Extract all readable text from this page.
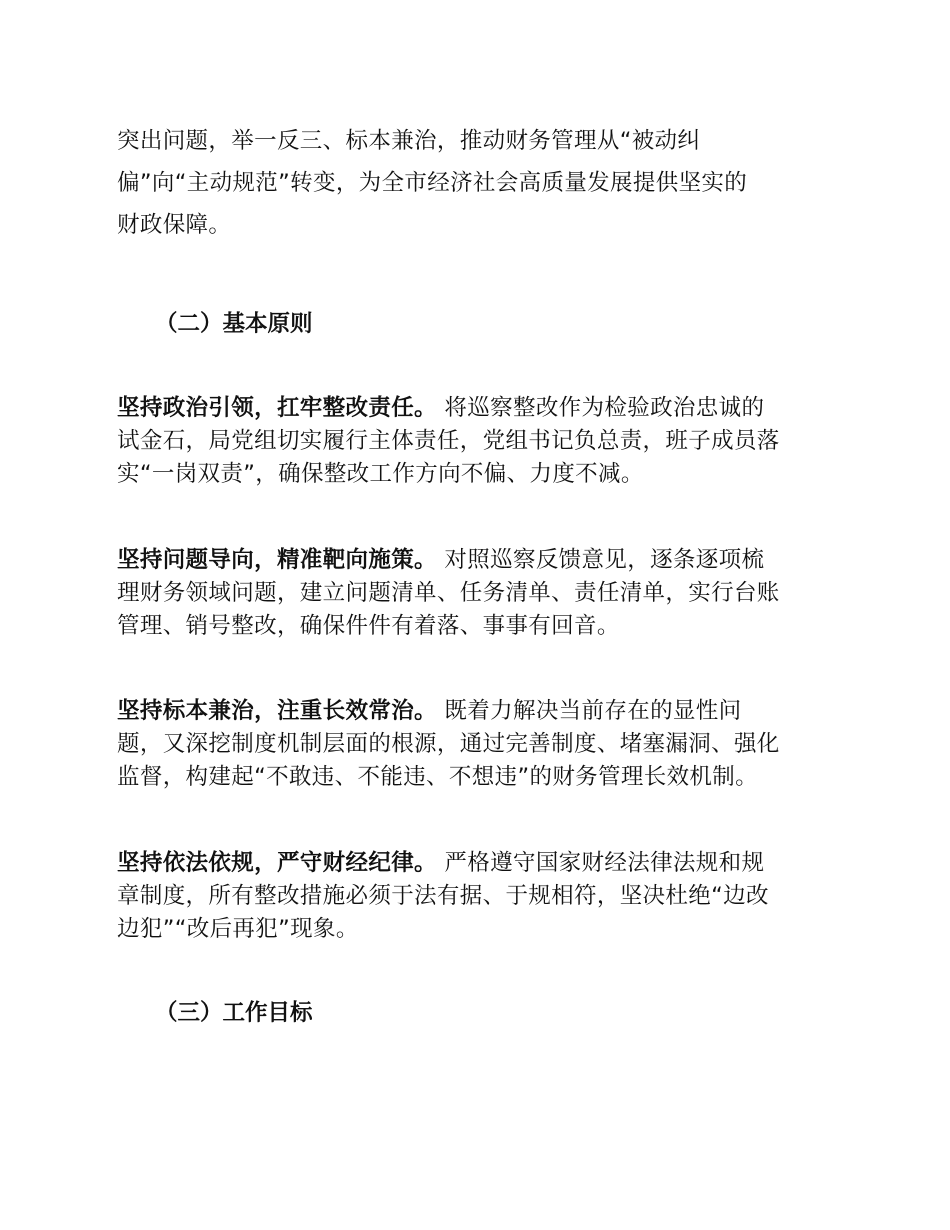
突出问题，举一反三、标本兼治，推动财务管理从“被动纠
偏”向“主动规范”转变，为全市经济社会高质量发展提供坚实的
财政保障。
（二）基本原则
坚持政治引领，扛牢整改责任。 将巡察整改作为检验政治忠诚的
试金石，局党组切实履行主体责任，党组书记负总责，班子成员落
实“一岗双责”，确保整改工作方向不偏、力度不减。
坚持问题导向，精准靶向施策。 对照巡察反馈意见，逐条逐项梳
理财务领域问题，建立问题清单、任务清单、责任清单，实行台账
管理、销号整改，确保件件有着落、事事有回音。
坚持标本兼治，注重长效常治。 既着力解决当前存在的显性问
题，又深挖制度机制层面的根源，通过完善制度、堵塞漏洞、强化
监督，构建起“不敢违、不能违、不想违”的财务管理长效机制。
坚持依法依规，严守财经纪律。 严格遵守国家财经法律法规和规
章制度，所有整改措施必须于法有据、于规相符，坚决杜绝“边改
边犯”“改后再犯”现象。
（三）工作目标
